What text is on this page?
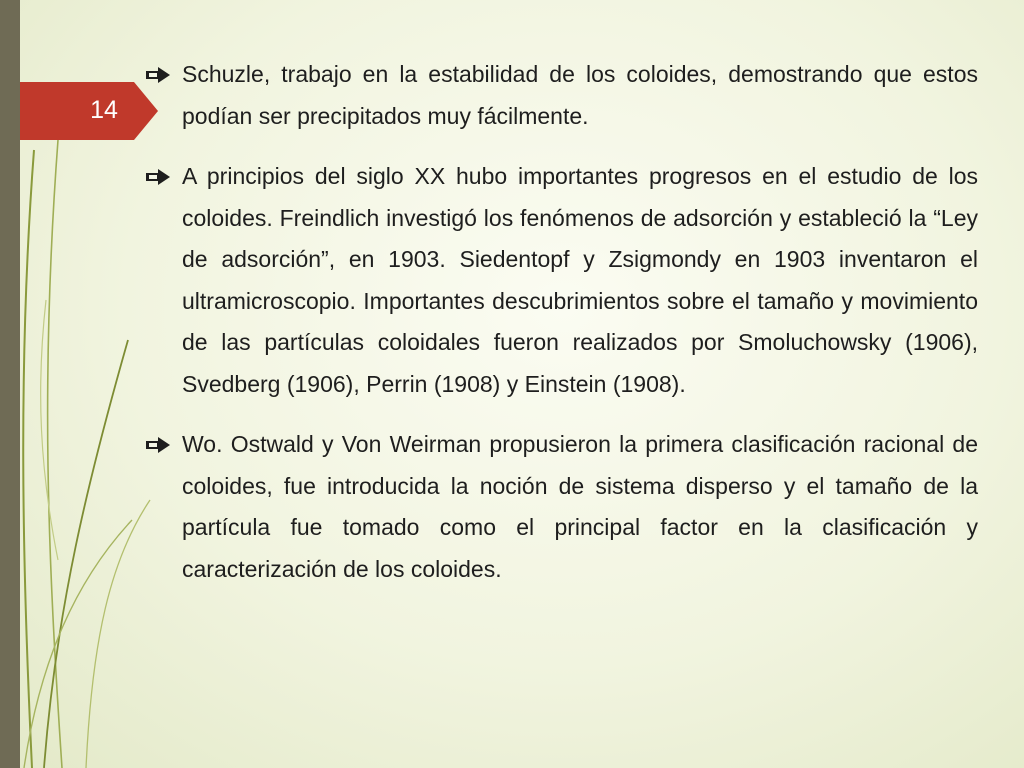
14
Schuzle, trabajo en la estabilidad de los coloides, demostrando que estos podían ser precipitados muy fácilmente.
A principios del siglo XX hubo importantes progresos en el estudio de los coloides. Freindlich investigó los fenómenos de adsorción y estableció la “Ley de adsorción”, en 1903. Siedentopf y Zsigmondy en 1903 inventaron el ultramicroscopio. Importantes descubrimientos sobre el tamaño y movimiento de las partículas coloidales fueron realizados por Smoluchowsky (1906), Svedberg (1906), Perrin (1908) y Einstein (1908).
Wo. Ostwald y Von Weirman propusieron la primera clasificación racional de coloides, fue introducida la noción de sistema disperso y el tamaño de la partícula fue tomado como el principal factor en la clasificación y caracterización de los coloides.
